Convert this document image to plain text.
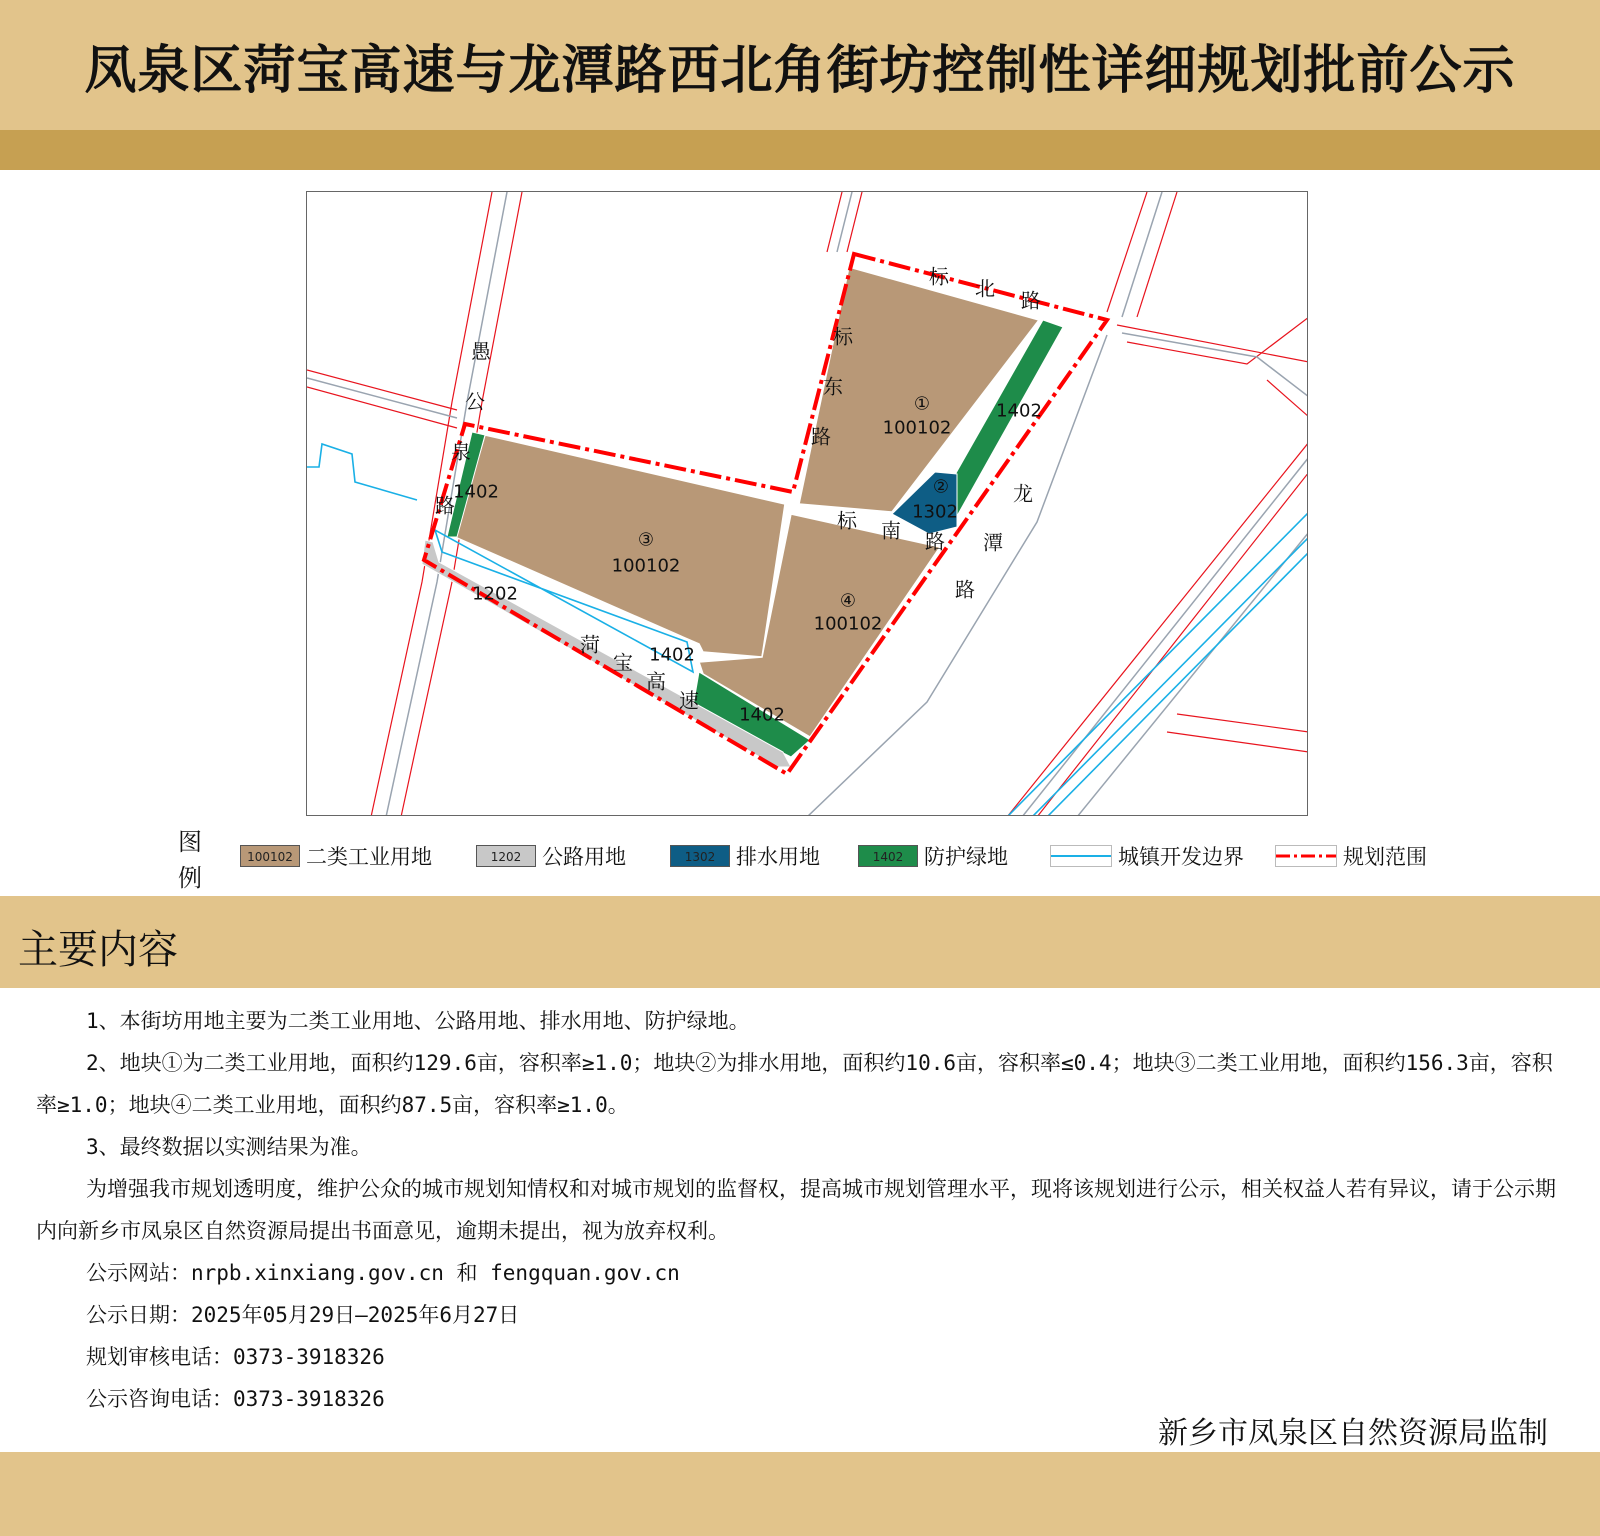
凤泉区菏宝高速与龙潭路西北角街坊控制性详细规划批前公示
①
100102
②
1302
③
100102
④
100102
1402
1402
1402
1402
1202
标 北 路
标
东
路
标 南 路
龙
潭
路
愚
公
泉
路
菏
宝
高
速
图例
100102 二类工业用地	1202 公路用地	1302 排水用地	1402 防护绿地	城镇开发边界	规划范围
主要内容

1、本街坊用地主要为二类工业用地、公路用地、排水用地、防护绿地。

2、地块①为二类工业用地，面积约129.6亩，容积率≥1.0；地块②为排水用地，面积约10.6亩，容积率≤0.4；地块③二类工业用地，面积约156.3亩，容积率≥1.0；地块④二类工业用地，面积约87.5亩，容积率≥1.0。

3、最终数据以实测结果为准。

为增强我市规划透明度，维护公众的城市规划知情权和对城市规划的监督权，提高城市规划管理水平，现将该规划进行公示，相关权益人若有异议，请于公示期内向新乡市凤泉区自然资源局提出书面意见，逾期未提出，视为放弃权利。

公示网站：nrpb.xinxiang.gov.cn 和 fengquan.gov.cn

公示日期：2025年05月29日—2025年6月27日

规划审核电话：0373-3918326

公示咨询电话：0373-3918326

新乡市凤泉区自然资源局监制
